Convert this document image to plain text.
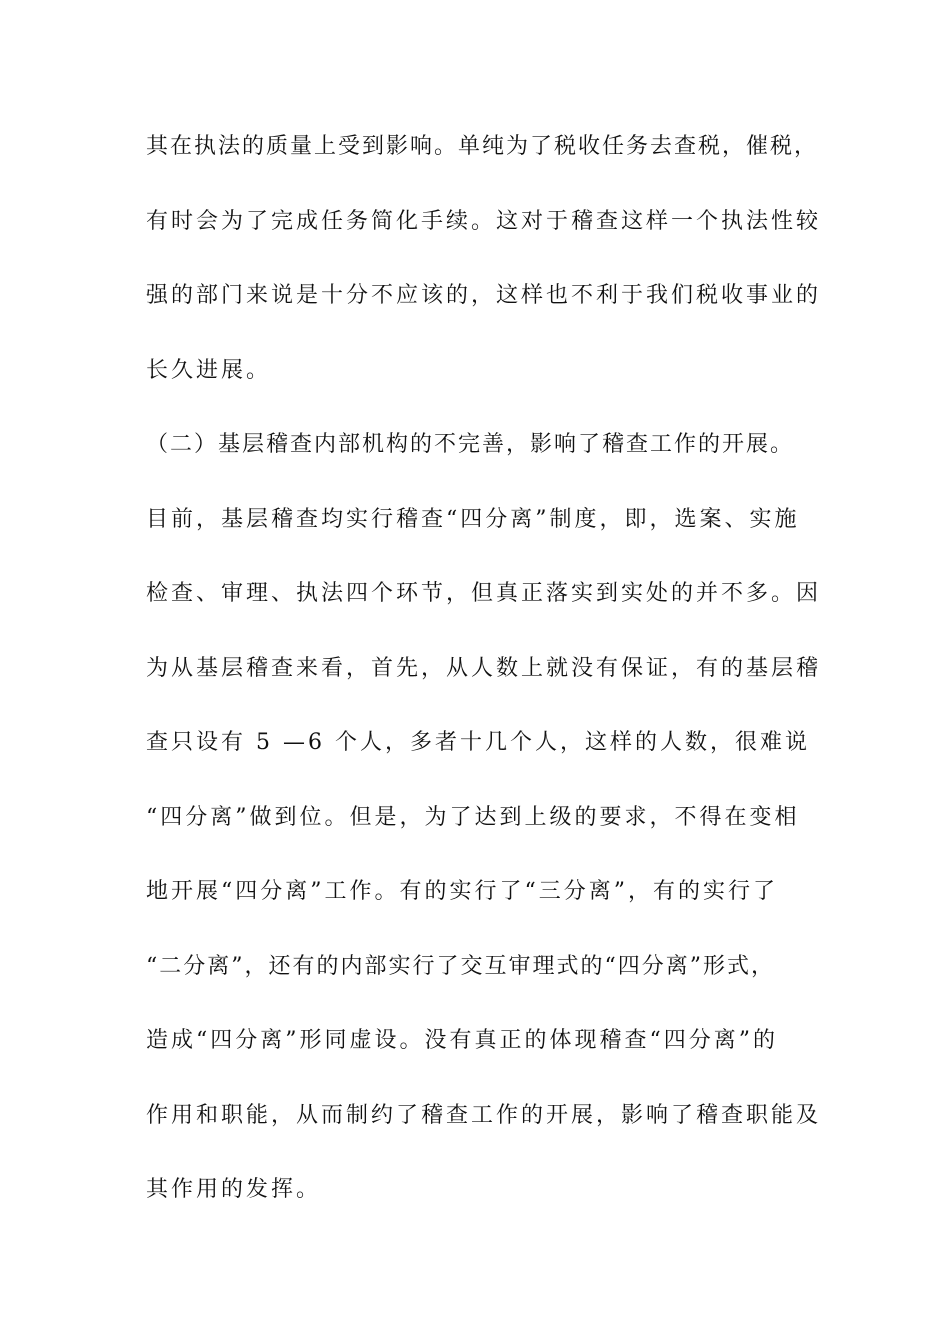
其在执法的质量上受到影响。单纯为了税收任务去查税，催税，
有时会为了完成任务简化手续。这对于稽查这样一个执法性较
强的部门来说是十分不应该的，这样也不利于我们税收事业的
长久进展。
（二）基层稽查内部机构的不完善，影响了稽查工作的开展。
目前，基层稽查均实行稽查“四分离”制度，即，选案、实施
检查、审理、执法四个环节，但真正落实到实处的并不多。因
为从基层稽查来看，首先，从人数上就没有保证，有的基层稽
查只设有 5 —6 个人，多者十几个人，这样的人数，很难说
“四分离”做到位。但是，为了达到上级的要求，不得在变相
地开展“四分离”工作。有的实行了“三分离”，有的实行了
“二分离”，还有的内部实行了交互审理式的“四分离”形式，
造成“四分离”形同虚设。没有真正的体现稽查“四分离”的
作用和职能，从而制约了稽查工作的开展，影响了稽查职能及
其作用的发挥。
